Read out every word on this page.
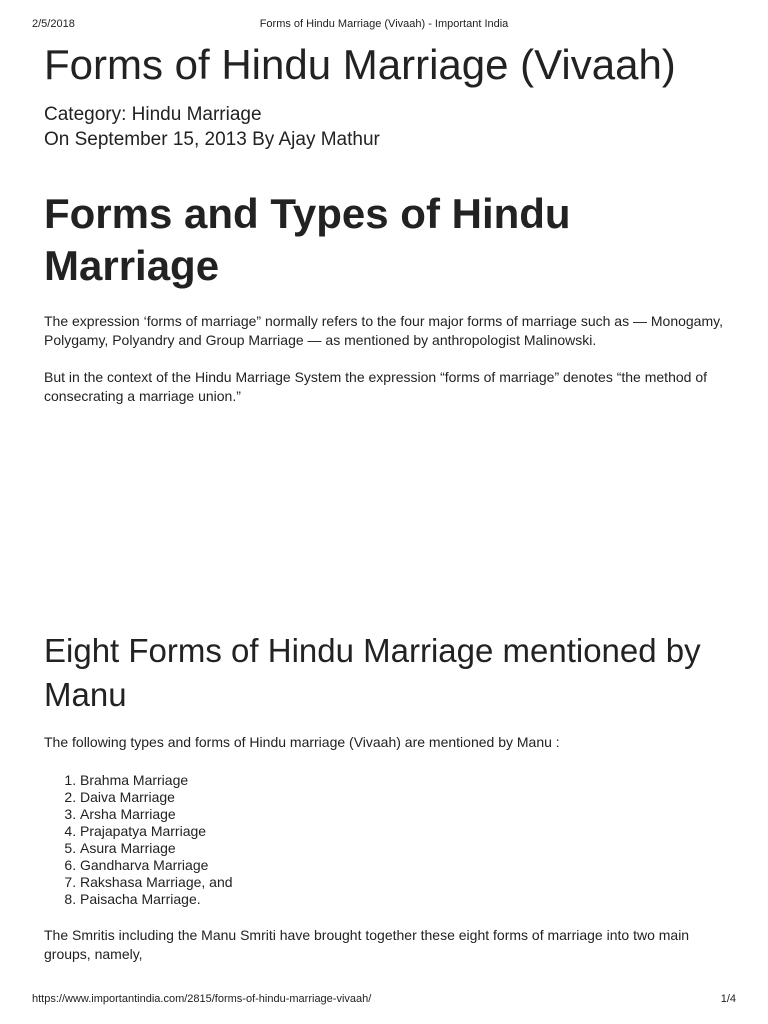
2/5/2018	Forms of Hindu Marriage (Vivaah) - Important India
Forms of Hindu Marriage (Vivaah)
Category: Hindu Marriage
On September 15, 2013 By Ajay Mathur
Forms and Types of Hindu Marriage

The expression ‘forms of marriage” normally refers to the four major forms of marriage such as — Monogamy, Polygamy, Polyandry and Group Marriage — as mentioned by anthropologist Malinowski.

But in the context of the Hindu Marriage System the expression “forms of marriage” denotes “the method of consecrating a marriage union.”

Eight Forms of Hindu Marriage mentioned by Manu

The following types and forms of Hindu marriage (Vivaah) are mentioned by Manu :

1. Brahma Marriage
2. Daiva Marriage
3. Arsha Marriage
4. Prajapatya Marriage
5. Asura Marriage
6. Gandharva Marriage
7. Rakshasa Marriage, and
8. Paisacha Marriage.

The Smritis including the Manu Smriti have brought together these eight forms of marriage into two main groups, namely,

https://www.importantindia.com/2815/forms-of-hindu-marriage-vivaah/	1/4
